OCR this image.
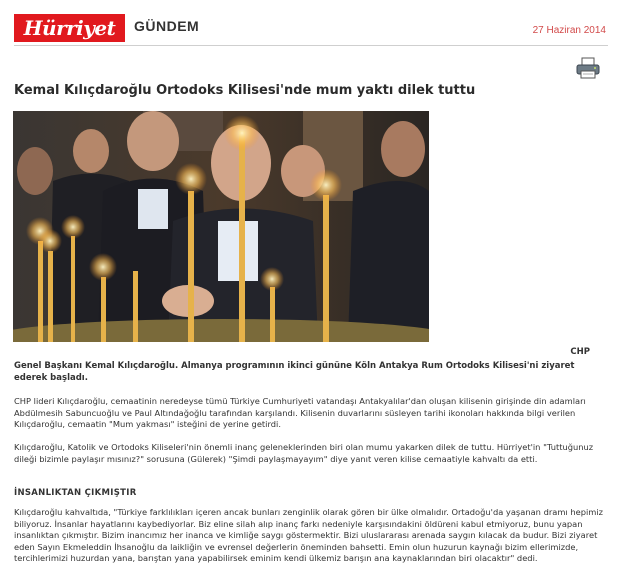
Hürriyet GÜNDEM	27 Haziran 2014
Kemal Kılıçdaroğlu Ortodoks Kilisesi'nde mum yaktı dilek tuttu
CHP

Genel Başkanı Kemal Kılıçdaroğlu. Almanya programının ikinci gününe Köln Antakya Rum Ortodoks Kilisesi'ni ziyaret ederek başladı.

CHP lideri Kılıçdaroğlu, cemaatinin neredeyse tümü Türkiye Cumhuriyeti vatandaşı Antakyalılar'dan oluşan kilisenin girişinde din adamları Abdülmesih Sabuncuoğlu ve Paul Altındağoğlu tarafından karşılandı. Kilisenin duvarlarını süsleyen tarihi ikonoları hakkında bilgi verilen Kılıçdaroğlu, cemaatin "Mum yakması" isteğini de yerine getirdi.

Kılıçdaroğlu, Katolik ve Ortodoks Kiliseleri'nin önemli inanç geleneklerinden biri olan mumu yakarken dilek de tuttu. Hürriyet'in "Tuttuğunuz dileği bizimle paylaşır mısınız?" sorusuna (Gülerek) "Şimdi paylaşmayayım" diye yanıt veren kilise cemaatiyle kahvaltı da etti.

İNSANLIKTAN ÇIKMIŞTIR

Kılıçdaroğlu kahvaltıda, "Türkiye farklılıkları içeren ancak bunları zenginlik olarak gören bir ülke olmalıdır. Ortadoğu'da yaşanan dramı hepimiz biliyoruz. İnsanlar hayatlarını kaybediyorlar. Biz eline silah alıp inanç farkı nedeniyle karşısındakini öldüreni kabul etmiyoruz, bunu yapan insanlıktan çıkmıştır. Bizim inancımız her inanca ve kimliğe saygı göstermektir. Bizi uluslararası arenada saygın kılacak da budur. Bizi ziyaret eden Sayın Ekmeleddin İhsanoğlu da laikliğin ve evrensel değerlerin öneminden bahsetti. Emin olun huzurun kaynağı bizim ellerimizde, tercihlerimizi huzurdan yana, barıştan yana yapabilirsek eminim kendi ülkemiz barışın ana kaynaklarından biri olacaktır" dedi.
